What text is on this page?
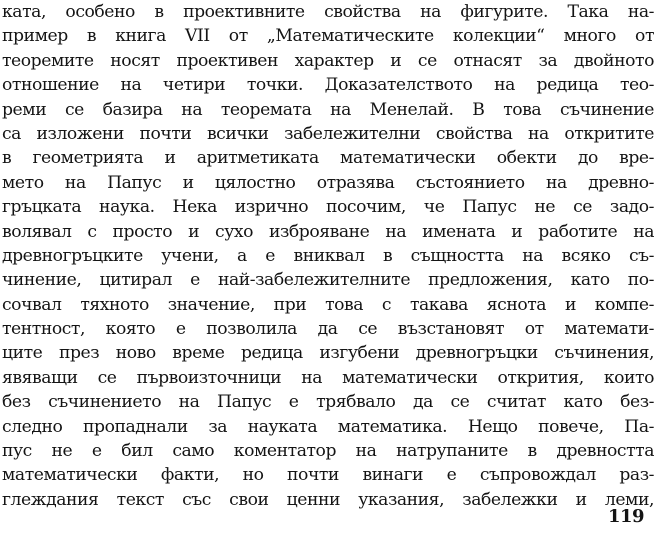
ката, особено в проективните свойства на фигурите. Така на-
пример в книга VII от „Математическите колекции“ много от
теоремите носят проективен характер и се отнасят за двойното
отношение на четири точки. Доказателството на редица тео-
реми се базира на теоремата на Менелай. В това съчинение
са изложени почти всички забележителни свойства на откритите
в геометрията и аритметиката математически обекти до вре-
мето на Папус и цялостно отразява състоянието на древно-
гръцката наука. Нека изрично посочим, че Папус не се задо-
волявал с просто и сухо изброяване на имената и работите на
древногръцките учени, а е вниквал в същността на всяко съ-
чинение, цитирал е най-забележителните предложения, като по-
сочвал тяхното значение, при това с такава яснота и компе-
тентност, която е позволила да се възстановят от математи-
ците през ново време редица изгубени древногръцки съчинения,
явяващи се първоизточници на математически открития, които
без съчинението на Папус е трябвало да се считат като без-
следно пропаднали за науката математика. Нещо повече, Па-
пус не е бил само коментатор на натрупаните в древността
математически факти, но почти винаги е съпровождал раз-
глеждания текст със свои ценни указания, забележки и леми,
119
